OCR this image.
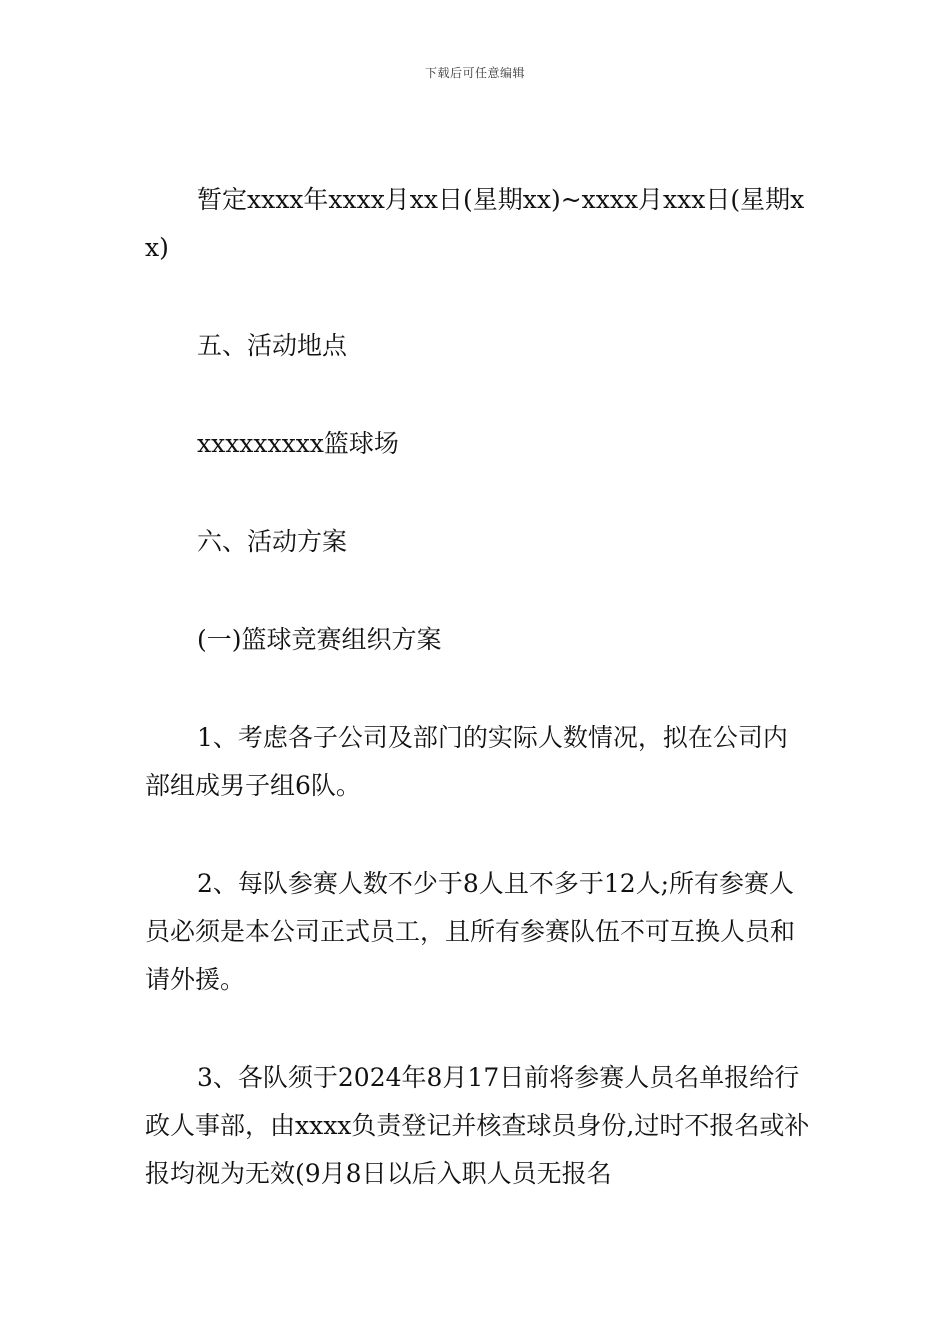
下载后可任意编辑

暂定xxxx年xxxx月xx日(星期xx)~xxxx月xxx日(星期xx)

五、活动地点

xxxxxxxxx篮球场

六、活动方案

(一)篮球竞赛组织方案

1、考虑各子公司及部门的实际人数情况，拟在公司内部组成男子组6队。

2、每队参赛人数不少于8人且不多于12人;所有参赛人员必须是本公司正式员工，且所有参赛队伍不可互换人员和请外援。

3、各队须于2024年8月17日前将参赛人员名单报给行政人事部，由xxxx负责登记并核查球员身份,过时不报名或补报均视为无效(9月8日以后入职人员无报名
